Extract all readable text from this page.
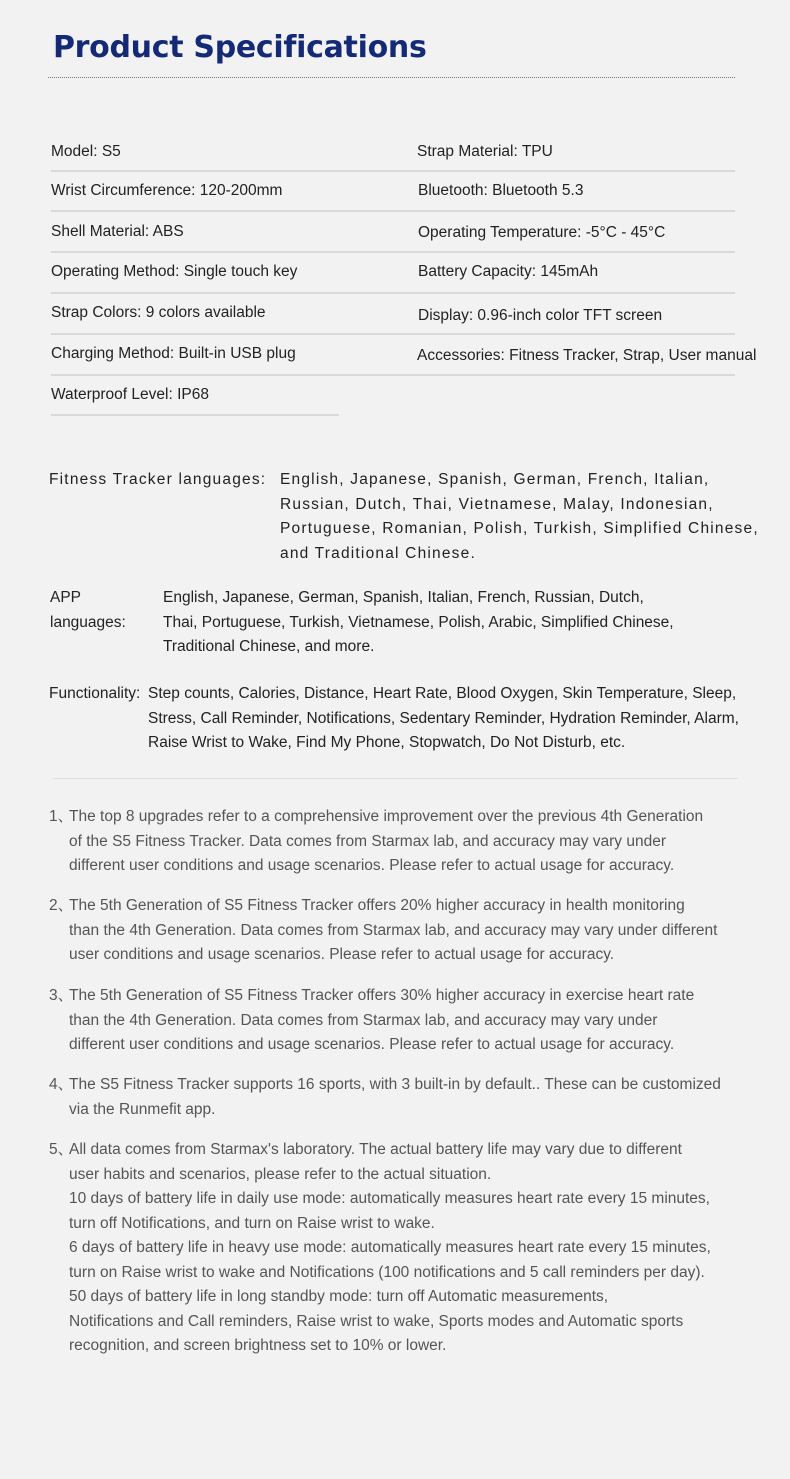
Product Specifications
Model: S5
Wrist Circumference: 120-200mm
Shell Material: ABS
Operating Method: Single touch key
Strap Colors: 9 colors available
Charging Method: Built-in USB plug
Waterproof Level: IP68
Strap Material: TPU
Bluetooth: Bluetooth 5.3
Operating Temperature: -5°C - 45°C
Battery Capacity: 145mAh
Display: 0.96-inch color TFT screen
Accessories: Fitness Tracker, Strap, User manual
Fitness Tracker languages: English, Japanese, Spanish, German, French, Italian,
Russian, Dutch, Thai, Vietnamese, Malay, Indonesian,
Portuguese, Romanian, Polish, Turkish, Simplified Chinese,
and Traditional Chinese.
APP languages:
English, Japanese, German, Spanish, Italian, French, Russian, Dutch,
Thai, Portuguese, Turkish, Vietnamese, Polish, Arabic, Simplified Chinese,
Traditional Chinese, and more.
Functionality: Step counts, Calories, Distance, Heart Rate, Blood Oxygen, Skin Temperature, Sleep,
Stress, Call Reminder, Notifications, Sedentary Reminder, Hydration Reminder, Alarm,
Raise Wrist to Wake, Find My Phone, Stopwatch, Do Not Disturb, etc.
1、
The top 8 upgrades refer to a comprehensive improvement over the previous 4th Generation
of the S5 Fitness Tracker. Data comes from Starmax lab, and accuracy may vary under
different user conditions and usage scenarios. Please refer to actual usage for accuracy.
2、
The 5th Generation of S5 Fitness Tracker offers 20% higher accuracy in health monitoring
than the 4th Generation. Data comes from Starmax lab, and accuracy may vary under different
user conditions and usage scenarios. Please refer to actual usage for accuracy.
3、
The 5th Generation of S5 Fitness Tracker offers 30% higher accuracy in exercise heart rate
than the 4th Generation. Data comes from Starmax lab, and accuracy may vary under
different user conditions and usage scenarios. Please refer to actual usage for accuracy.
4、
The S5 Fitness Tracker supports 16 sports, with 3 built-in by default.. These can be customized
via the Runmefit app.
5、
All data comes from Starmax's laboratory. The actual battery life may vary due to different
user habits and scenarios, please refer to the actual situation.
10 days of battery life in daily use mode: automatically measures heart rate every 15 minutes,
turn off Notifications, and turn on Raise wrist to wake.
6 days of battery life in heavy use mode: automatically measures heart rate every 15 minutes,
turn on Raise wrist to wake and Notifications (100 notifications and 5 call reminders per day).
50 days of battery life in long standby mode: turn off Automatic measurements,
Notifications and Call reminders, Raise wrist to wake, Sports modes and Automatic sports
recognition, and screen brightness set to 10% or lower.
